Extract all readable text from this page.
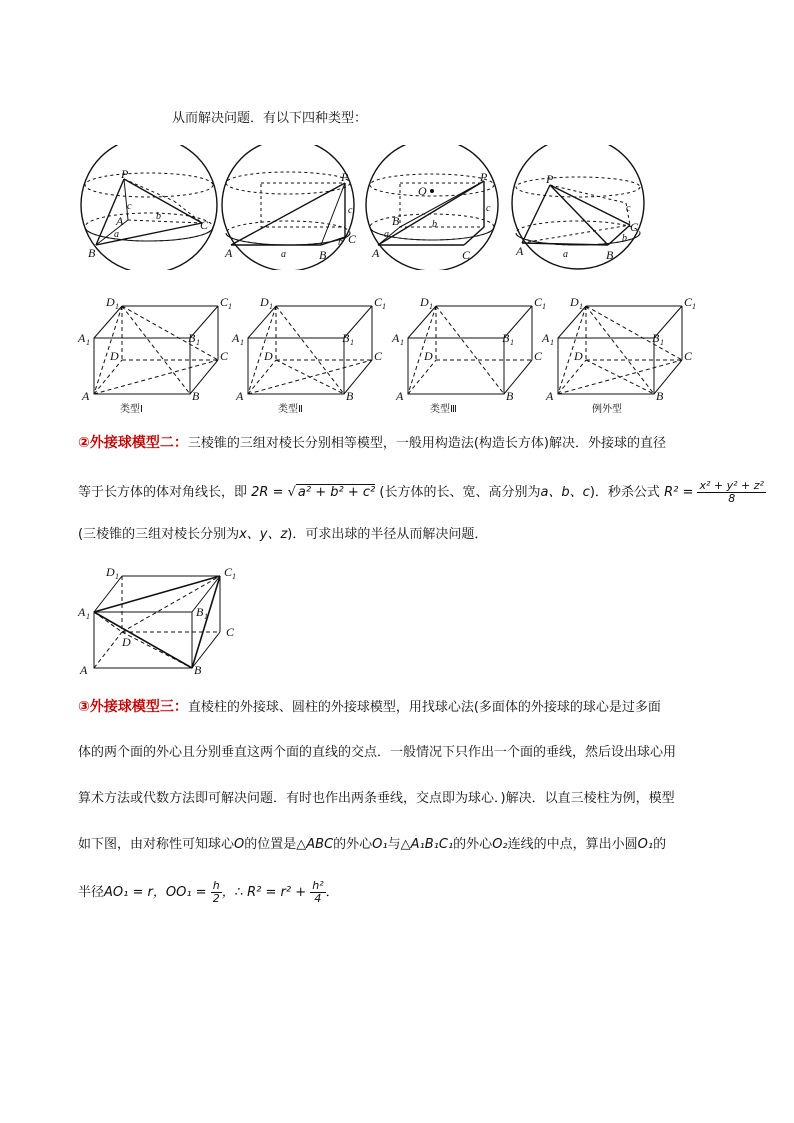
从而解决问题．有以下四种类型：
P
A
B
C
c
a
b
P
A	B
C
c
a
b
O
P
B
A	C
c
b
a
P
A	B
C
c
a
b
D 1	C 1
A 1	B 1
D	C
A	B
D 1	C 1
A 1	B 1
D	C
A	B
D 1	C 1
A 1	B 1
D	C
A	B
D 1	C 1
A 1	B 1
D	C
A	B
类型Ⅰ	类型Ⅱ	类型Ⅲ	例外型
②外接球模型二：三棱锥的三组对棱长分别相等模型，一般用构造法(构造长方体)解决．外接球的直径
等于长方体的体对角线长，即 2R = √ a² + b² + c² (长方体的长、宽、高分别为a、b、c)．秒杀公式 $R^2 = \frac{\text{x² + y² + z²}}{8}$
(三棱锥的三组对棱长分别为x、y、z)．可求出球的半径从而解决问题．
D 1	C 1
A 1	B 1
D
C
A	B
③外接球模型三：直棱柱的外接球、圆柱的外接球模型，用找球心法(多面体的外接球的球心是过多面
体的两个面的外心且分别垂直这两个面的直线的交点．一般情况下只作出一个面的垂线，然后设出球心用
算术方法或代数方法即可解决问题．有时也作出两条垂线，交点即为球心．)解决．以直三棱柱为例，模型
如下图，由对称性可知球心O的位置是△ABC的外心O₁与△A₁B₁C₁的外心O₂连线的中点，算出小圆O₁的
半径AO₁ = r，$OO_1 = \frac{h}{2}$ ，∴ $R^2 = r^2 + \frac{\text{h²}}{4}$ ．
